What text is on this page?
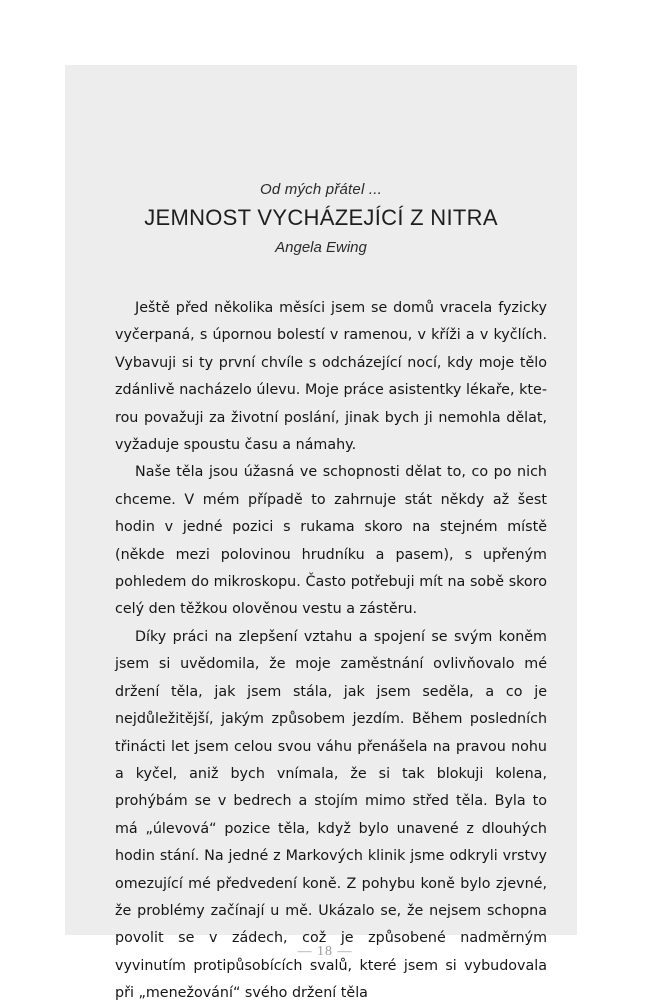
Od mých přátel ...
JEMNOST VYCHÁZEJÍCÍ Z NITRA
Angela Ewing

Ještě před několika měsíci jsem se domů vracela fyzicky vyčerpaná, s úpornou bolestí v ramenou, v kříži a v kyčlích. Vybavuji si ty první chvíle s odcházející nocí, kdy moje tělo zdánlivě nacházelo úlevu. Moje práce asistentky lékaře, kterou považuji za životní poslání, jinak bych ji nemohla dělat, vyžaduje spoustu času a námahy.

Naše těla jsou úžasná ve schopnosti dělat to, co po nich chceme. V mém případě to zahrnuje stát někdy až šest hodin v jedné pozici s rukama skoro na stejném místě (někde mezi polovinou hrudníku a pasem), s upřeným pohledem do mikroskopu. Často potřebuji mít na sobě skoro celý den těžkou olověnou vestu a zástěru.

Díky práci na zlepšení vztahu a spojení se svým koněm jsem si uvědomila, že moje zaměstnání ovlivňovalo mé držení těla, jak jsem stála, jak jsem seděla, a co je nejdůležitější, jakým způsobem jezdím. Během posledních třinácti let jsem celou svou váhu přenášela na pravou nohu a kyčel, aniž bych vnímala, že si tak blokuji kolena, prohýbám se v bedrech a stojím mimo střed těla. Byla to má „úlevová“ pozice těla, když bylo unavené z dlouhých hodin stání. Na jedné z Markových klinik jsme odkryli vrstvy omezující mé předvedení koně. Z pohybu koně bylo zjevné, že problémy začínají u mě. Ukázalo se, že nejsem schopna povolit se v zádech, což je způsobené nadměrným vyvinutím protipůsobících svalů, které jsem si vybudovala při „menežování“ svého držení těla

— 18 —
